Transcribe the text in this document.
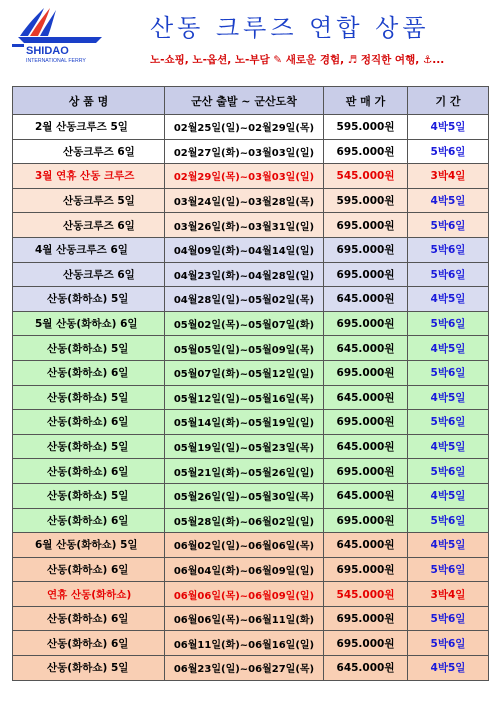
SHIDAO
INTERNATIONAL FERRY
산동 크루즈 연합 상품
노-쇼핑, 노-옵션, 노-부담 ✎ 새로운 경험, ♬ 정직한 여행, ⚓...
상 품 명	군산 출발 ~ 군산도착	판 매 가	기 간
2월 산동크루즈 5일	02월25일(일)~02월29일(목)	595.000원	4박5일
산동크루즈 6일	02월27일(화)~03월03일(일)	695.000원	5박6일
3월 연휴 산동 크루즈	02월29일(목)~03월03일(일)	545.000원	3박4일
산동크루즈 5일	03월24일(일)~03월28일(목)	595.000원	4박5일
산동크루즈 6일	03월26일(화)~03월31일(일)	695.000원	5박6일
4월 산동크루즈 6일	04월09일(화)~04월14일(일)	695.000원	5박6일
산동크루즈 6일	04월23일(화)~04월28일(일)	695.000원	5박6일
산동(화하쇼) 5일	04월28일(일)~05월02일(목)	645.000원	4박5일
5월 산동(화하쇼) 6일	05월02일(목)~05월07일(화)	695.000원	5박6일
산동(화하쇼) 5일	05월05일(일)~05월09일(목)	645.000원	4박5일
산동(화하쇼) 6일	05월07일(화)~05월12일(일)	695.000원	5박6일
산동(화하쇼) 5일	05월12일(일)~05월16일(목)	645.000원	4박5일
산동(화하쇼) 6일	05월14일(화)~05월19일(일)	695.000원	5박6일
산동(화하쇼) 5일	05월19일(일)~05월23일(목)	645.000원	4박5일
산동(화하쇼) 6일	05월21일(화)~05월26일(일)	695.000원	5박6일
산동(화하쇼) 5일	05월26일(일)~05월30일(목)	645.000원	4박5일
산동(화하쇼) 6일	05월28일(화)~06월02일(일)	695.000원	5박6일
6월 산동(화하쇼) 5일	06월02일(일)~06월06일(목)	645.000원	4박5일
산동(화하쇼) 6일	06월04일(화)~06월09일(일)	695.000원	5박6일
연휴 산동(화하쇼)	06월06일(목)~06월09일(일)	545.000원	3박4일
산동(화하쇼) 6일	06월06일(목)~06월11일(화)	695.000원	5박6일
산동(화하쇼) 6일	06월11일(화)~06월16일(일)	695.000원	5박6일
산동(화하쇼) 5일	06월23일(일)~06월27일(목)	645.000원	4박5일
